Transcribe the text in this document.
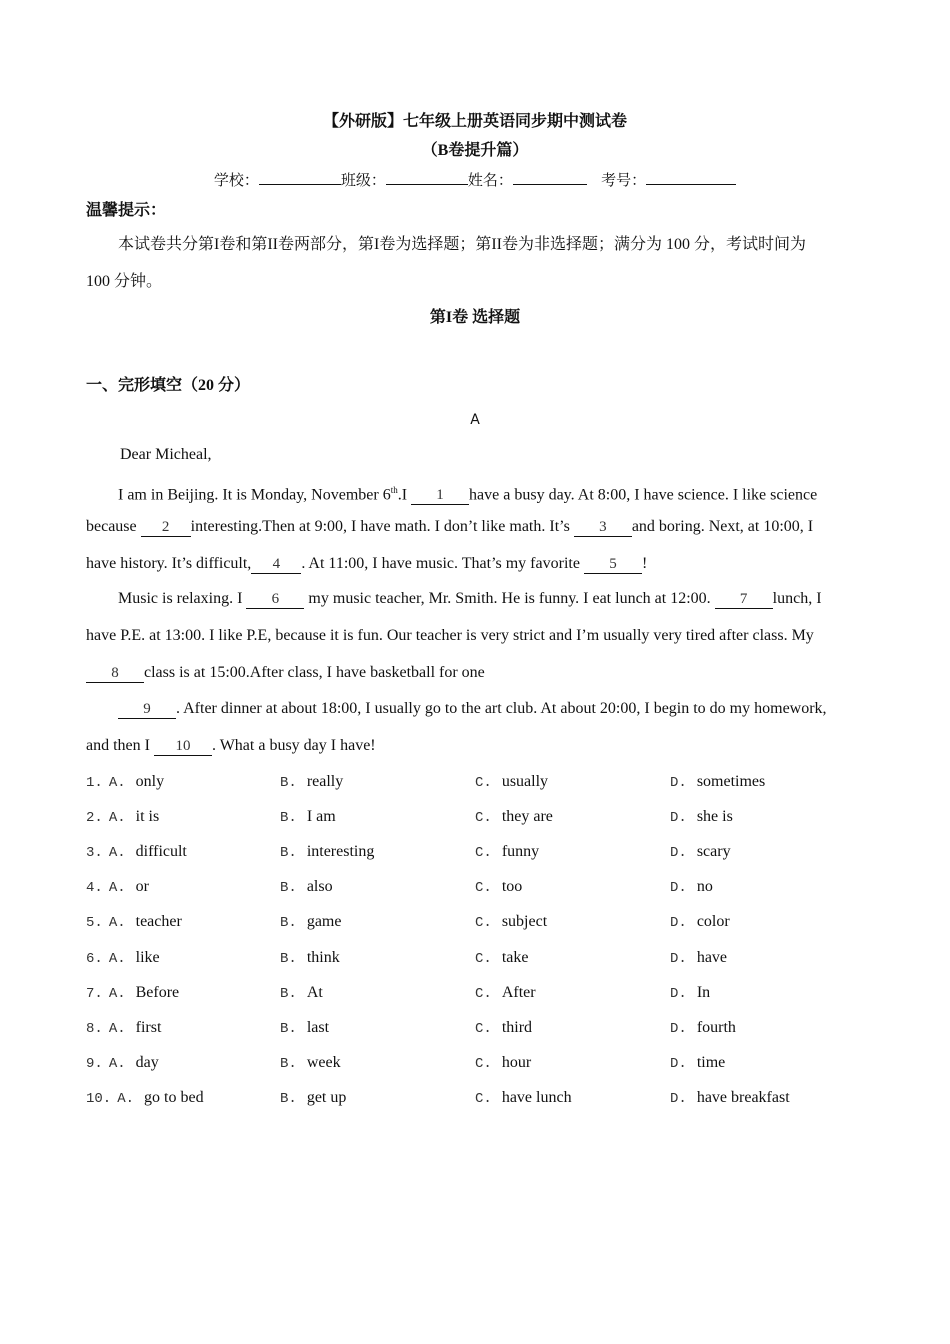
【外研版】七年级上册英语同步期中测试卷
（B卷提升篇）
学校：	班级：	姓名：	考号：
温馨提示：
本试卷共分第I卷和第II卷两部分，第I卷为选择题；第II卷为非选择题；满分为 100 分，考试时间为
100 分钟。
第I卷 选择题
一、完形填空（20 分）
A
Dear Micheal,
I am in Beijing. It is Monday, November 6th.I 1 have a busy day. At 8:00, I have science. I like science
because 2 interesting.Then at 9:00, I have math. I don’t like math. It’s 3 and boring. Next, at 10:00, I
have history. It’s difficult, 4 . At 11:00, I have music. That’s my favorite 5 !
Music is relaxing. I 6 my music teacher, Mr. Smith. He is funny. I eat lunch at 12:00. 7 lunch, I
have P.E. at 13:00. I like P.E, because it is fun. Our teacher is very strict and I’m usually very tired after class. My
8 class is at 15:00.After class, I have basketball for one
9 . After dinner at about 18:00, I usually go to the art club. At about 20:00, I begin to do my homework,
and then I 10 . What a busy day I have!
1. A. only	B. really	C. usually	D. sometimes
2. A. it is	B. I am	C. they are	D. she is
3. A. difficult	B. interesting	C. funny	D. scary
4. A. or	B. also	C. too	D. no
5. A. teacher	B. game	C. subject	D. color
6. A. like	B. think	C. take	D. have
7. A. Before	B. At	C. After	D. In
8. A. first	B. last	C. third	D. fourth
9. A. day	B. week	C. hour	D. time
10. A. go to bed	B. get up	C. have lunch	D. have breakfast
